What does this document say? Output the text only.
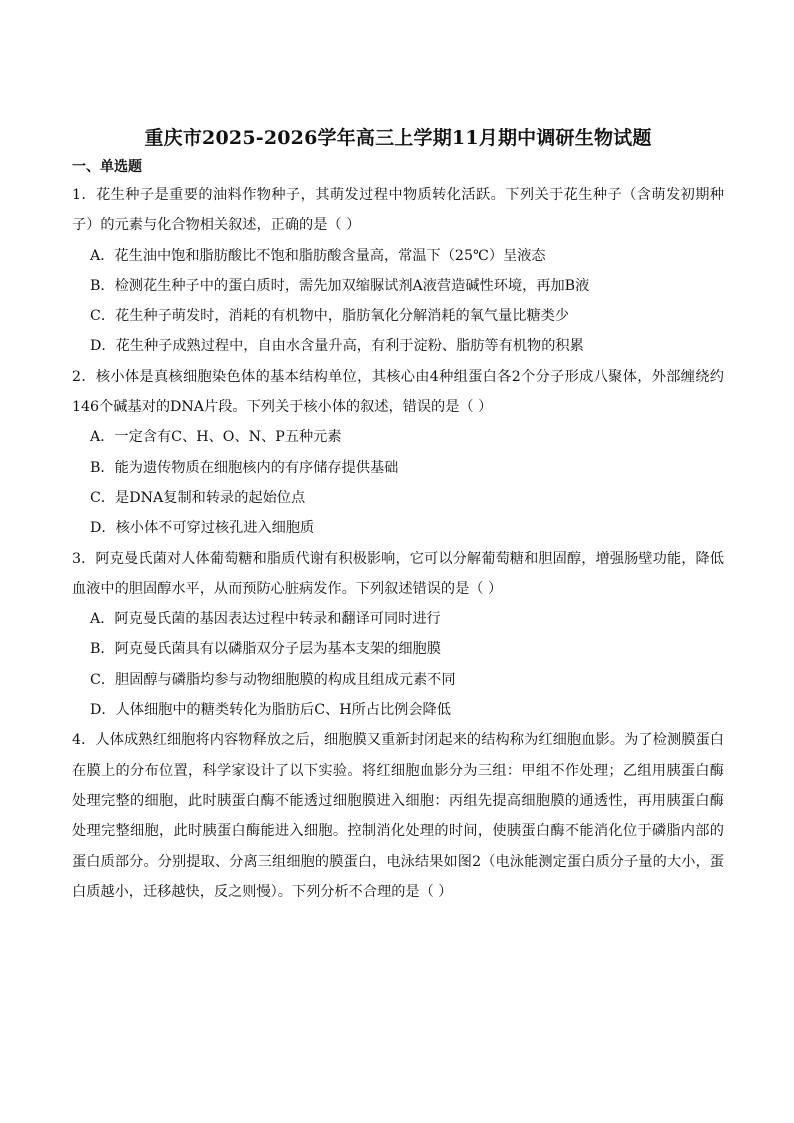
重庆市2025-2026学年高三上学期11月期中调研生物试题
一、单选题

1．花生种子是重要的油料作物种子，其萌发过程中物质转化活跃。下列关于花生种子（含萌发初期种子）的元素与化合物相关叙述，正确的是（ ）

A．花生油中饱和脂肪酸比不饱和脂肪酸含量高，常温下（25℃）呈液态

B．检测花生种子中的蛋白质时，需先加双缩脲试剂A液营造碱性环境，再加B液

C．花生种子萌发时，消耗的有机物中，脂肪氧化分解消耗的氧气量比糖类少

D．花生种子成熟过程中，自由水含量升高，有利于淀粉、脂肪等有机物的积累

2．核小体是真核细胞染色体的基本结构单位，其核心由4种组蛋白各2个分子形成八聚体，外部缠绕约146个碱基对的DNA片段。下列关于核小体的叙述，错误的是（ ）

A．一定含有C、H、O、N、P五种元素

B．能为遗传物质在细胞核内的有序储存提供基础

C．是DNA复制和转录的起始位点

D．核小体不可穿过核孔进入细胞质

3．阿克曼氏菌对人体葡萄糖和脂质代谢有积极影响，它可以分解葡萄糖和胆固醇，增强肠壁功能，降低血液中的胆固醇水平，从而预防心脏病发作。下列叙述错误的是（ ）

A．阿克曼氏菌的基因表达过程中转录和翻译可同时进行

B．阿克曼氏菌具有以磷脂双分子层为基本支架的细胞膜

C．胆固醇与磷脂均参与动物细胞膜的构成且组成元素不同

D．人体细胞中的糖类转化为脂肪后C、H所占比例会降低

4．人体成熟红细胞将内容物释放之后，细胞膜又重新封闭起来的结构称为红细胞血影。为了检测膜蛋白在膜上的分布位置，科学家设计了以下实验。将红细胞血影分为三组：甲组不作处理；乙组用胰蛋白酶处理完整的细胞，此时胰蛋白酶不能透过细胞膜进入细胞：丙组先提高细胞膜的通透性，再用胰蛋白酶处理完整细胞，此时胰蛋白酶能进入细胞。控制消化处理的时间，使胰蛋白酶不能消化位于磷脂内部的蛋白质部分。分别提取、分离三组细胞的膜蛋白，电泳结果如图2（电泳能测定蛋白质分子量的大小，蛋白质越小，迁移越快，反之则慢）。下列分析不合理的是（ ）
